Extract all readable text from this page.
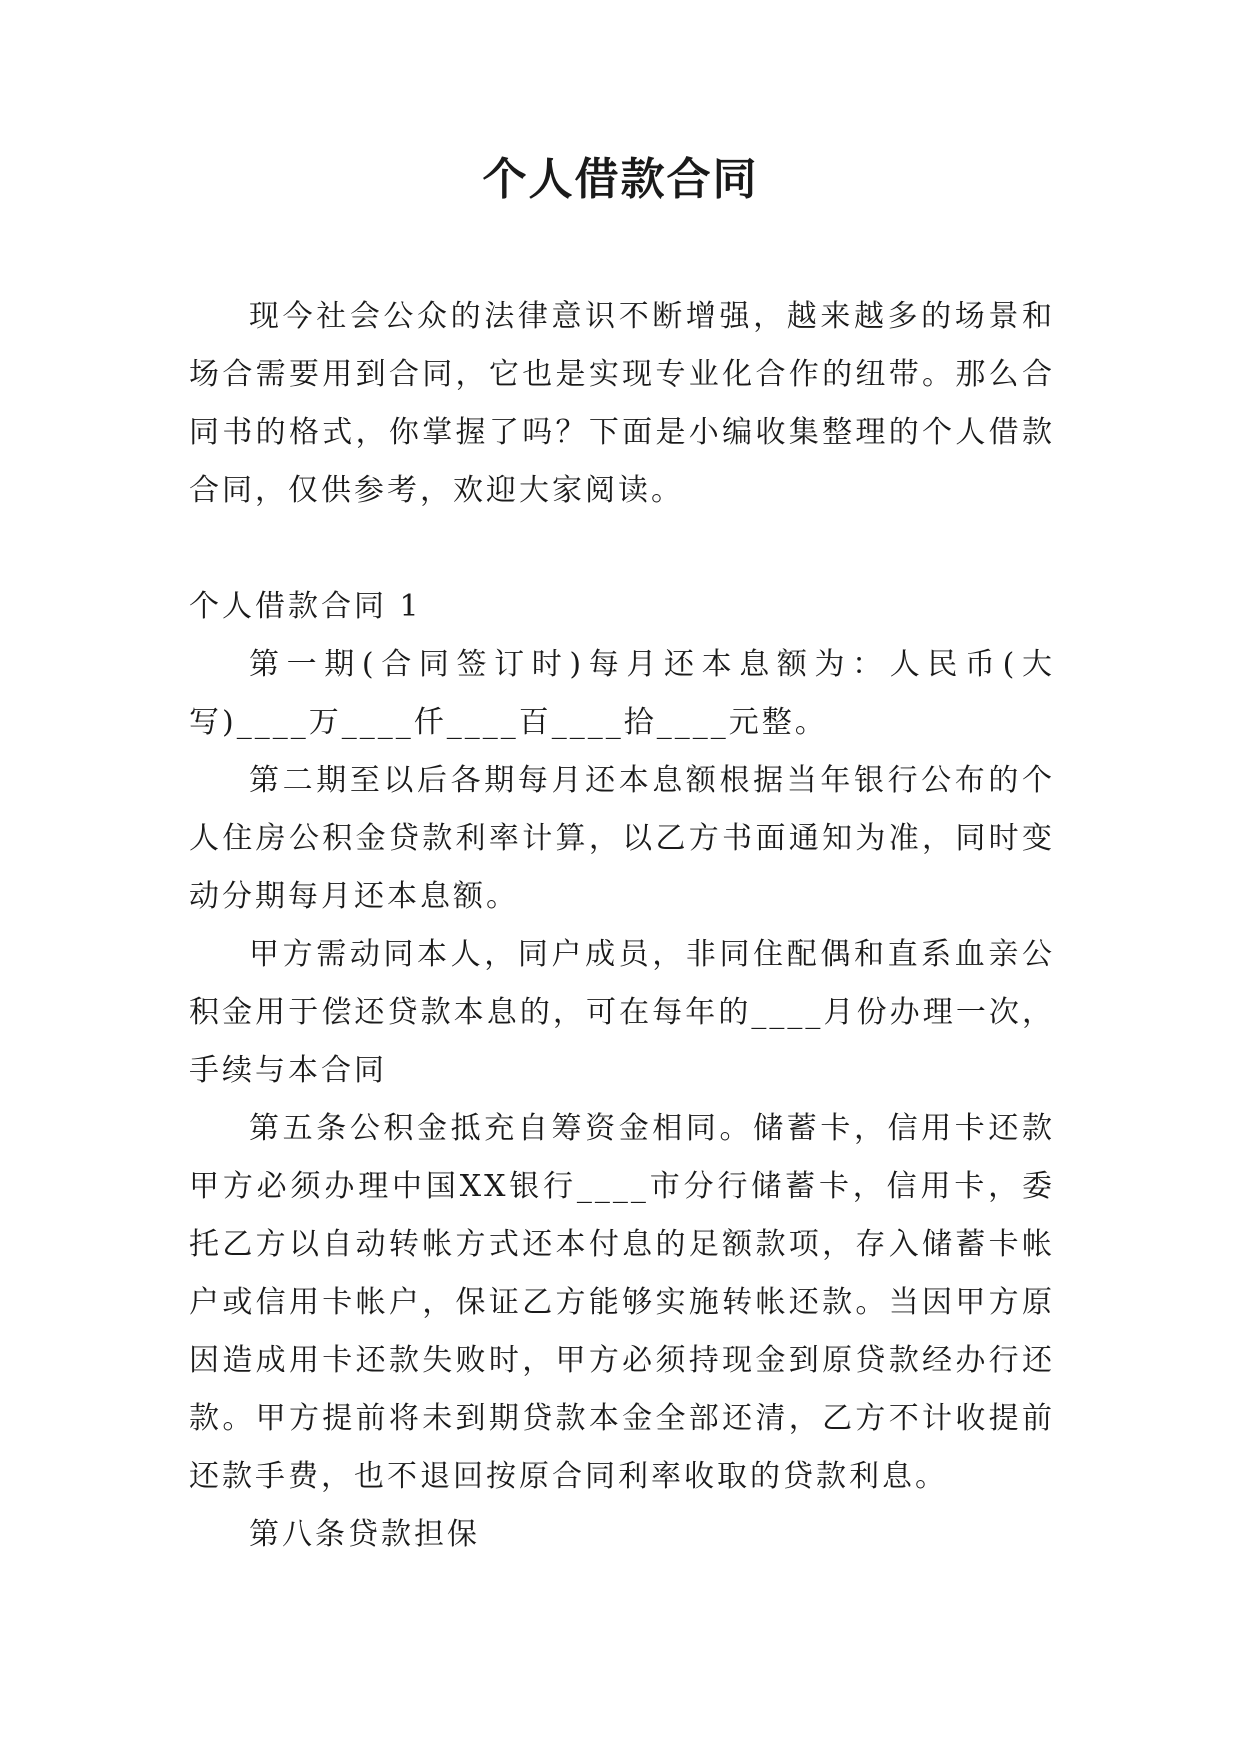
个人借款合同

现今社会公众的法律意识不断增强，越来越多的场景和场合需要用到合同，它也是实现专业化合作的纽带。那么合同书的格式，你掌握了吗？下面是小编收集整理的个人借款合同，仅供参考，欢迎大家阅读。

个人借款合同 1

第一期(合同签订时)每月还本息额为：人民币(大写)____万____仟____百____拾____元整。

第二期至以后各期每月还本息额根据当年银行公布的个人住房公积金贷款利率计算，以乙方书面通知为准，同时变动分期每月还本息额。

甲方需动同本人，同户成员，非同住配偶和直系血亲公积金用于偿还贷款本息的，可在每年的____月份办理一次，手续与本合同

第五条公积金抵充自筹资金相同。储蓄卡，信用卡还款甲方必须办理中国XX银行____市分行储蓄卡，信用卡，委托乙方以自动转帐方式还本付息的足额款项，存入储蓄卡帐户或信用卡帐户，保证乙方能够实施转帐还款。当因甲方原因造成用卡还款失败时，甲方必须持现金到原贷款经办行还款。甲方提前将未到期贷款本金全部还清，乙方不计收提前还款手费，也不退回按原合同利率收取的贷款利息。

第八条贷款担保
